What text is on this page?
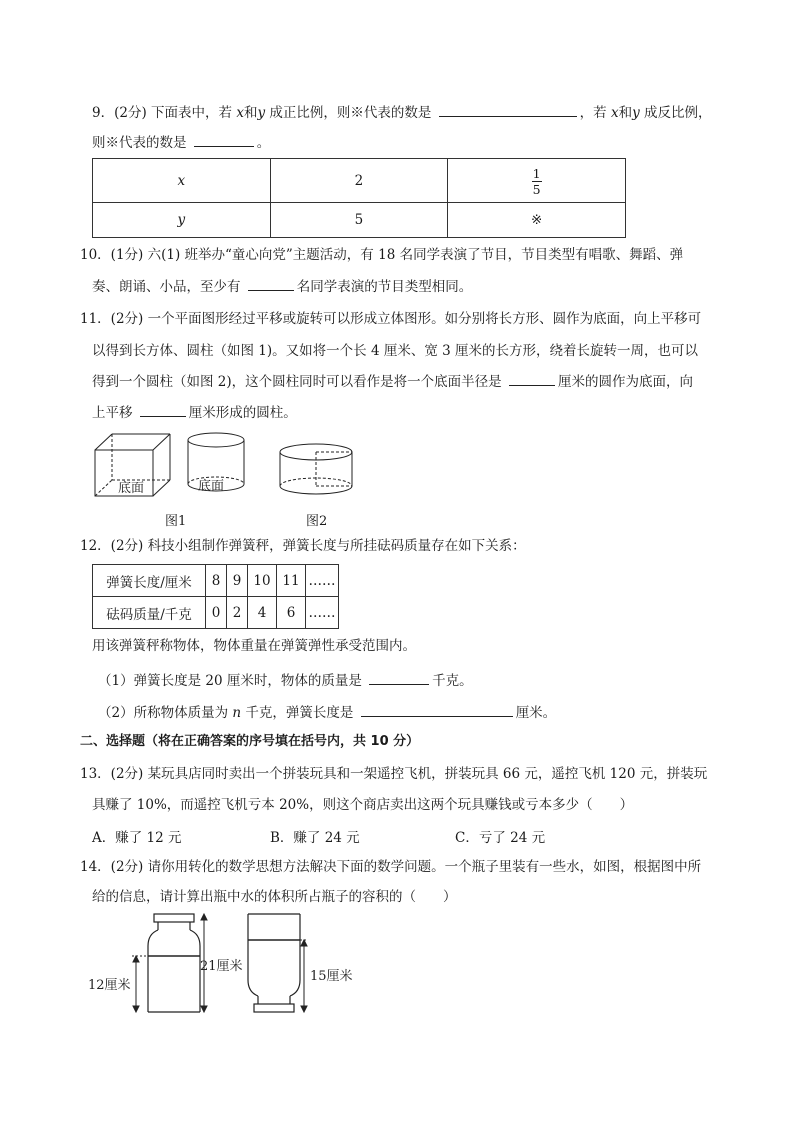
9．(2分) 下面表中，若 x和y 成正比例，则※代表的数是	，若 x和y 成反比例，
则※代表的数是	。
x	2	$\frac{1}{5}$

y	5	※
10．(1分) 六(1) 班举办“童心向党”主题活动，有 18 名同学表演了节目，节目类型有唱歌、舞蹈、弹
奏、朗诵、小品，至少有	名同学表演的节目类型相同。
11．(2分) 一个平面图形经过平移或旋转可以形成立体图形。如分别将长方形、圆作为底面，向上平移可
以得到长方体、圆柱（如图 1)。又如将一个长 4 厘米、宽 3 厘米的长方形，绕着长旋转一周，也可以
得到一个圆柱（如图 2)，这个圆柱同时可以看作是将一个底面半径是	厘米的圆作为底面，向
上平移	厘米形成的圆柱。
底面	底面
图1	图2
12．(2分) 科技小组制作弹簧秤，弹簧长度与所挂砝码质量存在如下关系：
弹簧长度/厘米	8	9	10	11	……
砝码质量/千克	0	2	4	6	……
用该弹簧秤称物体，物体重量在弹簧弹性承受范围内。
（1）弹簧长度是 20 厘米时，物体的质量是	千克。
（2）所称物体质量为 n 千克，弹簧长度是	厘米。
二、选择题（将在正确答案的序号填在括号内，共 10 分）
13．(2分) 某玩具店同时卖出一个拼装玩具和一架遥控飞机，拼装玩具 66 元，遥控飞机 120 元，拼装玩
具赚了 10%，而遥控飞机亏本 20%，则这个商店卖出这两个玩具赚钱或亏本多少（　　）
A．赚了 12 元	B．赚了 24 元	C．亏了 24 元
14．(2分) 请你用转化的数学思想方法解决下面的数学问题。一个瓶子里装有一些水，如图，根据图中所
给的信息，请计算出瓶中水的体积所占瓶子的容积的（　　）
12厘米
21厘米
15厘米
